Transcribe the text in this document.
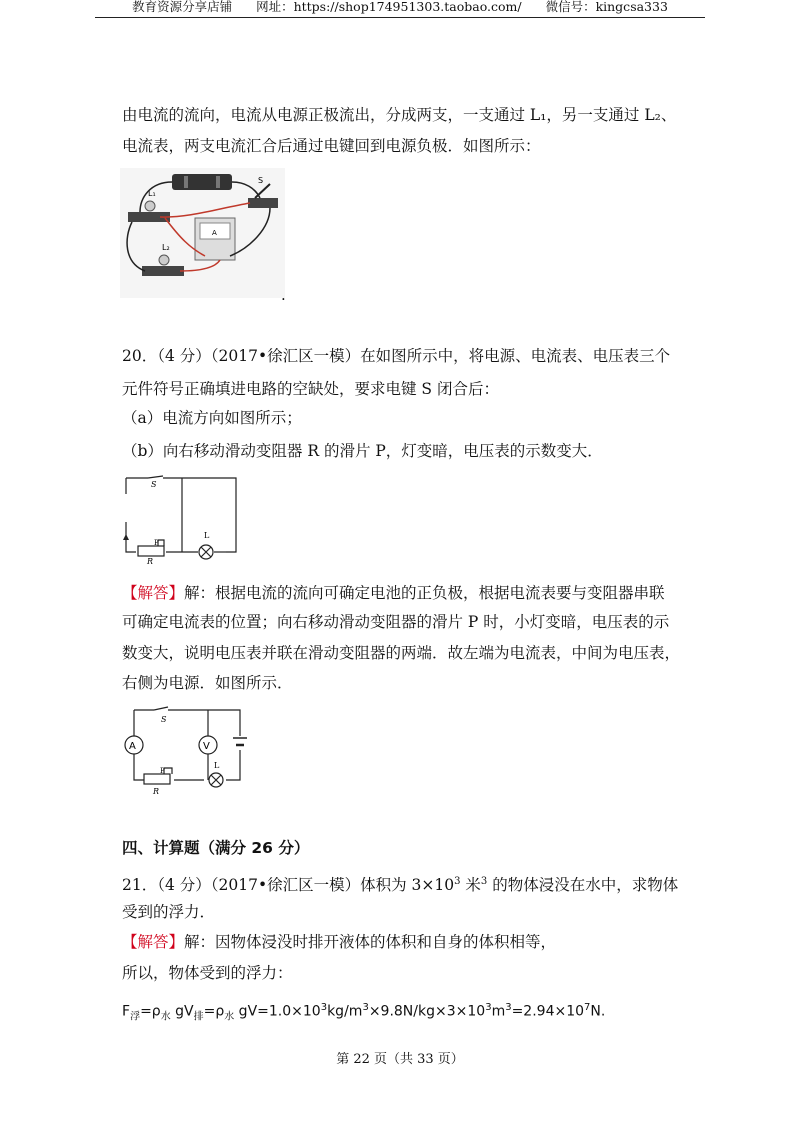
教育资源分享店铺 网址：https://shop174951303.taobao.com/ 微信号：kingcsa333
由电流的流向，电流从电源正极流出，分成两支，一支通过 L₁，另一支通过 L₂、
电流表，两支电流汇合后通过电键回到电源负极．如图所示：
S
L₁
L₂
A
.
20．（4 分）（2017•徐汇区一模）在如图所示中，将电源、电流表、电压表三个
元件符号正确填进电路的空缺处，要求电键 S 闭合后：
（a）电流方向如图所示；
（b）向右移动滑动变阻器 R 的滑片 P，灯变暗，电压表的示数变大．
S
P
R
L
【解答】解：根据电流的流向可确定电池的正负极，根据电流表要与变阻器串联
可确定电流表的位置；向右移动滑动变阻器的滑片 P 时，小灯变暗，电压表的示
数变大，说明电压表并联在滑动变阻器的两端．故左端为电流表，中间为电压表，
右侧为电源．如图所示．
A	V
S
P
R
L
四、计算题（满分 26 分）
21．（4 分）（2017•徐汇区一模）体积为 $3\times 10^3$ 米$^3$ 的物体浸没在水中，求物体
受到的浮力．
【解答】解：因物体浸没时排开液体的体积和自身的体积相等，
所以，物体受到的浮力：
$F_浮=\rho_水$ $gV_排=\rho_水$ $gV=1.0\times 10^3kg/m^3\times 9.8N/kg\times 3\times 10^3m^3=2.94\times 10^7N$.
第 22 页（共 33 页）
